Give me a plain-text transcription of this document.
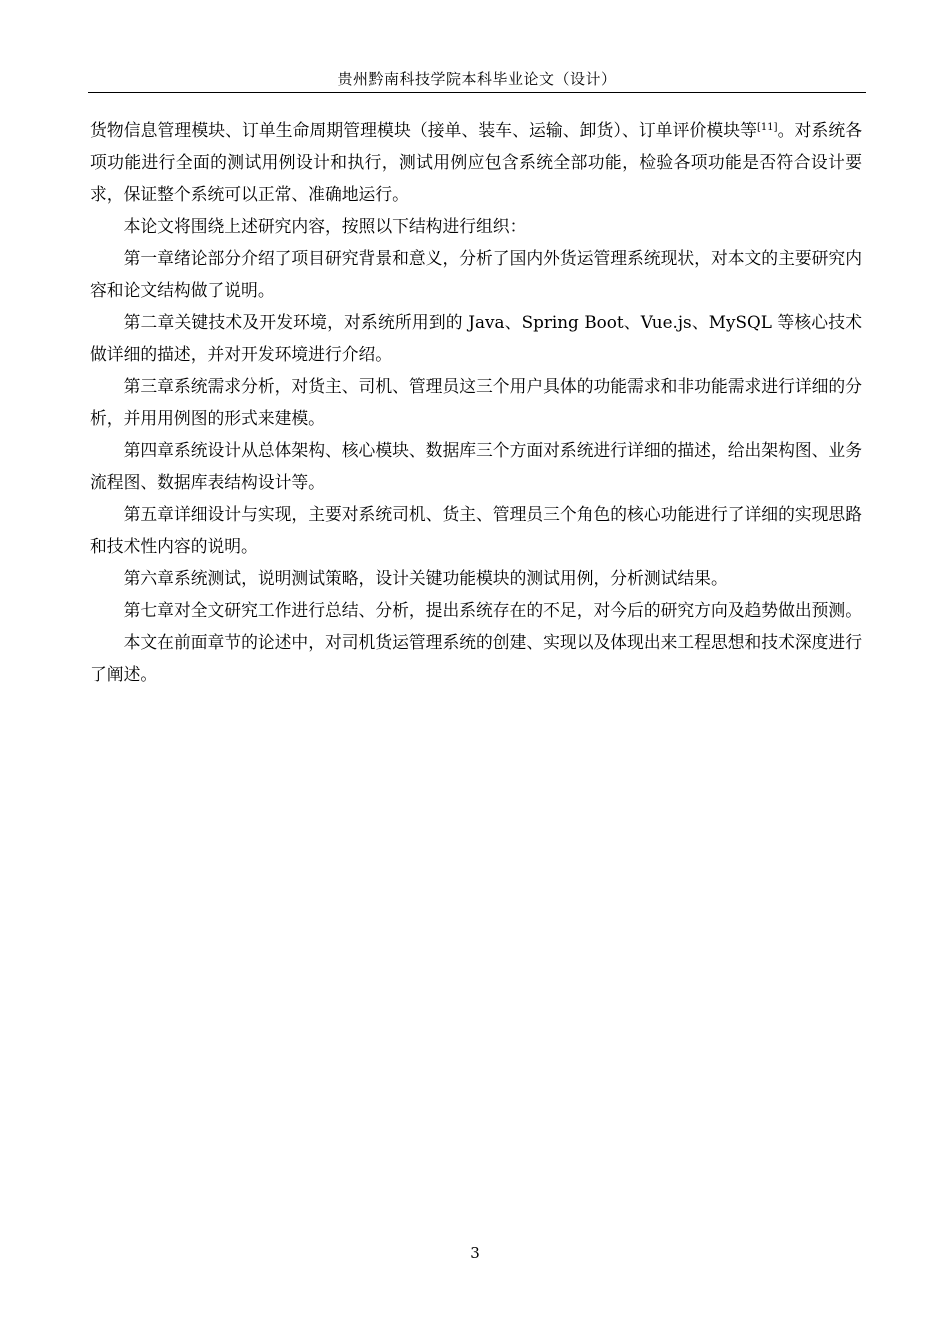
贵州黔南科技学院本科毕业论文（设计）

货物信息管理模块、订单生命周期管理模块（接单、装车、运输、卸货）、订单评价模块等[11]。对系统各项功能进行全面的测试用例设计和执行，测试用例应包含系统全部功能，检验各项功能是否符合设计要求，保证整个系统可以正常、准确地运行。

本论文将围绕上述研究内容，按照以下结构进行组织：

第一章绪论部分介绍了项目研究背景和意义，分析了国内外货运管理系统现状，对本文的主要研究内容和论文结构做了说明。

第二章关键技术及开发环境，对系统所用到的 Java、Spring Boot、Vue.js、MySQL 等核心技术做详细的描述，并对开发环境进行介绍。

第三章系统需求分析，对货主、司机、管理员这三个用户具体的功能需求和非功能需求进行详细的分析，并用用例图的形式来建模。

第四章系统设计从总体架构、核心模块、数据库三个方面对系统进行详细的描述，给出架构图、业务流程图、数据库表结构设计等。

第五章详细设计与实现，主要对系统司机、货主、管理员三个角色的核心功能进行了详细的实现思路和技术性内容的说明。

第六章系统测试，说明测试策略，设计关键功能模块的测试用例，分析测试结果。

第七章对全文研究工作进行总结、分析，提出系统存在的不足，对今后的研究方向及趋势做出预测。

本文在前面章节的论述中，对司机货运管理系统的创建、实现以及体现出来工程思想和技术深度进行了阐述。

3
